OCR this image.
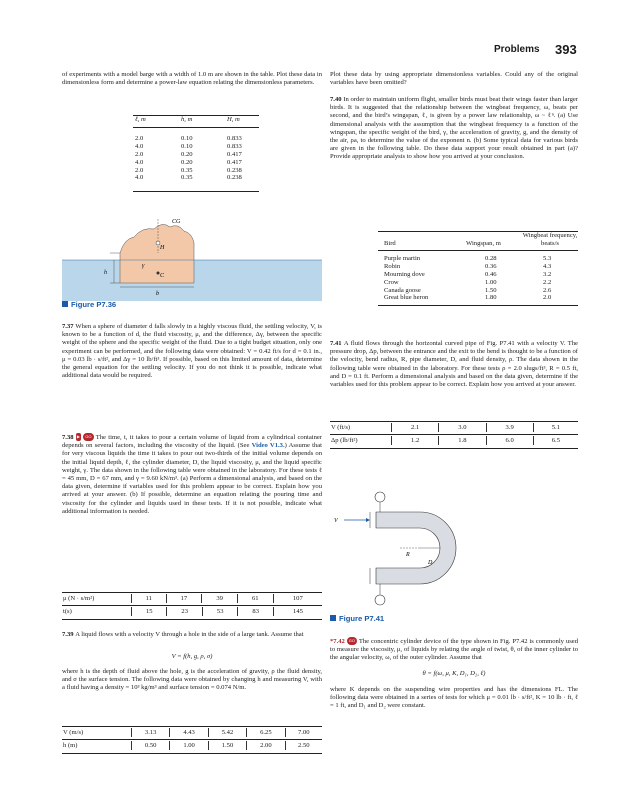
Problems 393
of experiments with a model barge with a width of 1.0 m are shown in the table. Plot these data in dimensionless form and determine a power-law equation relating the dimensionless parameters.
ℓ, m	h, m	H, m
2.0	0.10	0.833
4.0	0.10	0.833
2.0	0.20	0.417
4.0	0.20	0.417
2.0	0.35	0.238
4.0	0.35	0.238
CG
H
h	C
b
γ
Figure P7.36
7.37 When a sphere of diameter d falls slowly in a highly viscous fluid, the settling velocity, V, is known to be a function of d, the fluid viscosity, μ, and the difference, Δγ, between the specific weight of the sphere and the specific weight of the fluid. Due to a tight budget situation, only one experiment can be performed, and the following data were obtained: V = 0.42 ft/s for d = 0.1 in., μ = 0.03 lb · s/ft², and Δγ = 10 lb/ft³. If possible, based on this limited amount of data, determine the general equation for the settling velocity. If you do not think it is possible, indicate what additional data would be required.
7.38 ▶ GO The time, t, it takes to pour a certain volume of liquid from a cylindrical container depends on several factors, including the viscosity of the liquid. (See Video V1.3.) Assume that for very viscous liquids the time it takes to pour out two-thirds of the initial volume depends on the initial liquid depth, ℓ, the cylinder diameter, D, the liquid viscosity, μ, and the liquid specific weight, γ. The data shown in the following table were obtained in the laboratory. For these tests ℓ = 45 mm, D = 67 mm, and γ = 9.60 kN/m³. (a) Perform a dimensional analysis, and based on the data given, determine if variables used for this problem appear to be correct. Explain how you arrived at your answer. (b) If possible, determine an equation relating the pouring time and viscosity for the cylinder and liquids used in these tests. If it is not possible, indicate what additional information is needed.
μ (N · s/m²)	11	17	39	61	107
t(s)	15	23	53	83	145
7.39 A liquid flows with a velocity V through a hole in the side of a large tank. Assume that
V = f(h, g, ρ, σ)
where h is the depth of fluid above the hole, g is the acceleration of gravity, ρ the fluid density, and σ the surface tension. The following data were obtained by changing h and measuring V, with a fluid having a density = 10³ kg/m³ and surface tension = 0.074 N/m.
V (m/s)	3.13	4.43	5.42	6.25	7.00
h (m)	0.50	1.00	1.50	2.00	2.50
Plot these data by using appropriate dimensionless variables. Could any of the original variables have been omitted?
7.40 In order to maintain uniform flight, smaller birds must beat their wings faster than larger birds. It is suggested that the relationship between the wingbeat frequency, ω, beats per second, and the bird’s wingspan, ℓ, is given by a power law relationship, ω ~ ℓⁿ. (a) Use dimensional analysis with the assumption that the wingbeat frequency is a function of the wingspan, the specific weight of the bird, γ, the acceleration of gravity, g, and the density of the air, ρa, to determine the value of the exponent n. (b) Some typical data for various birds are given in the following table. Do these data support your result obtained in part (a)? Provide appropriate analysis to show how you arrived at your conclusion.
Wingbeat frequency,
beats/s
Bird	Wingspan, m
Purple martin	0.28	5.3
Robin	0.36	4.3
Mourning dove	0.46	3.2
Crow	1.00	2.2
Canada goose	1.50	2.6
Great blue heron	1.80	2.0
7.41 A fluid flows through the horizontal curved pipe of Fig. P7.41 with a velocity V. The pressure drop, Δp, between the entrance and the exit to the bend is thought to be a function of the velocity, bend radius, R, pipe diameter, D, and fluid density, ρ. The data shown in the following table were obtained in the laboratory. For these tests ρ = 2.0 slugs/ft³, R = 0.5 ft, and D = 0.1 ft. Perform a dimensional analysis and based on the data given, determine if the variables used for this problem appear to be correct. Explain how you arrived at your answer.
V (ft/s)	2.1	3.0	3.9	5.1
Δp (lb/ft²)	1.2	1.8	6.0	6.5
V
R
D
Figure P7.41
*7.42 GO The concentric cylinder device of the type shown in Fig. P7.42 is commonly used to measure the viscosity, μ, of liquids by relating the angle of twist, θ, of the inner cylinder to the angular velocity, ω, of the outer cylinder. Assume that
θ = f(ω, μ, K, D₁, D₂, ℓ)
where K depends on the suspending wire properties and has the dimensions FL. The following data were obtained in a series of tests for which μ = 0.01 lb · s/ft², K = 10 lb · ft, ℓ = 1 ft, and D₁ and D₂ were constant.
